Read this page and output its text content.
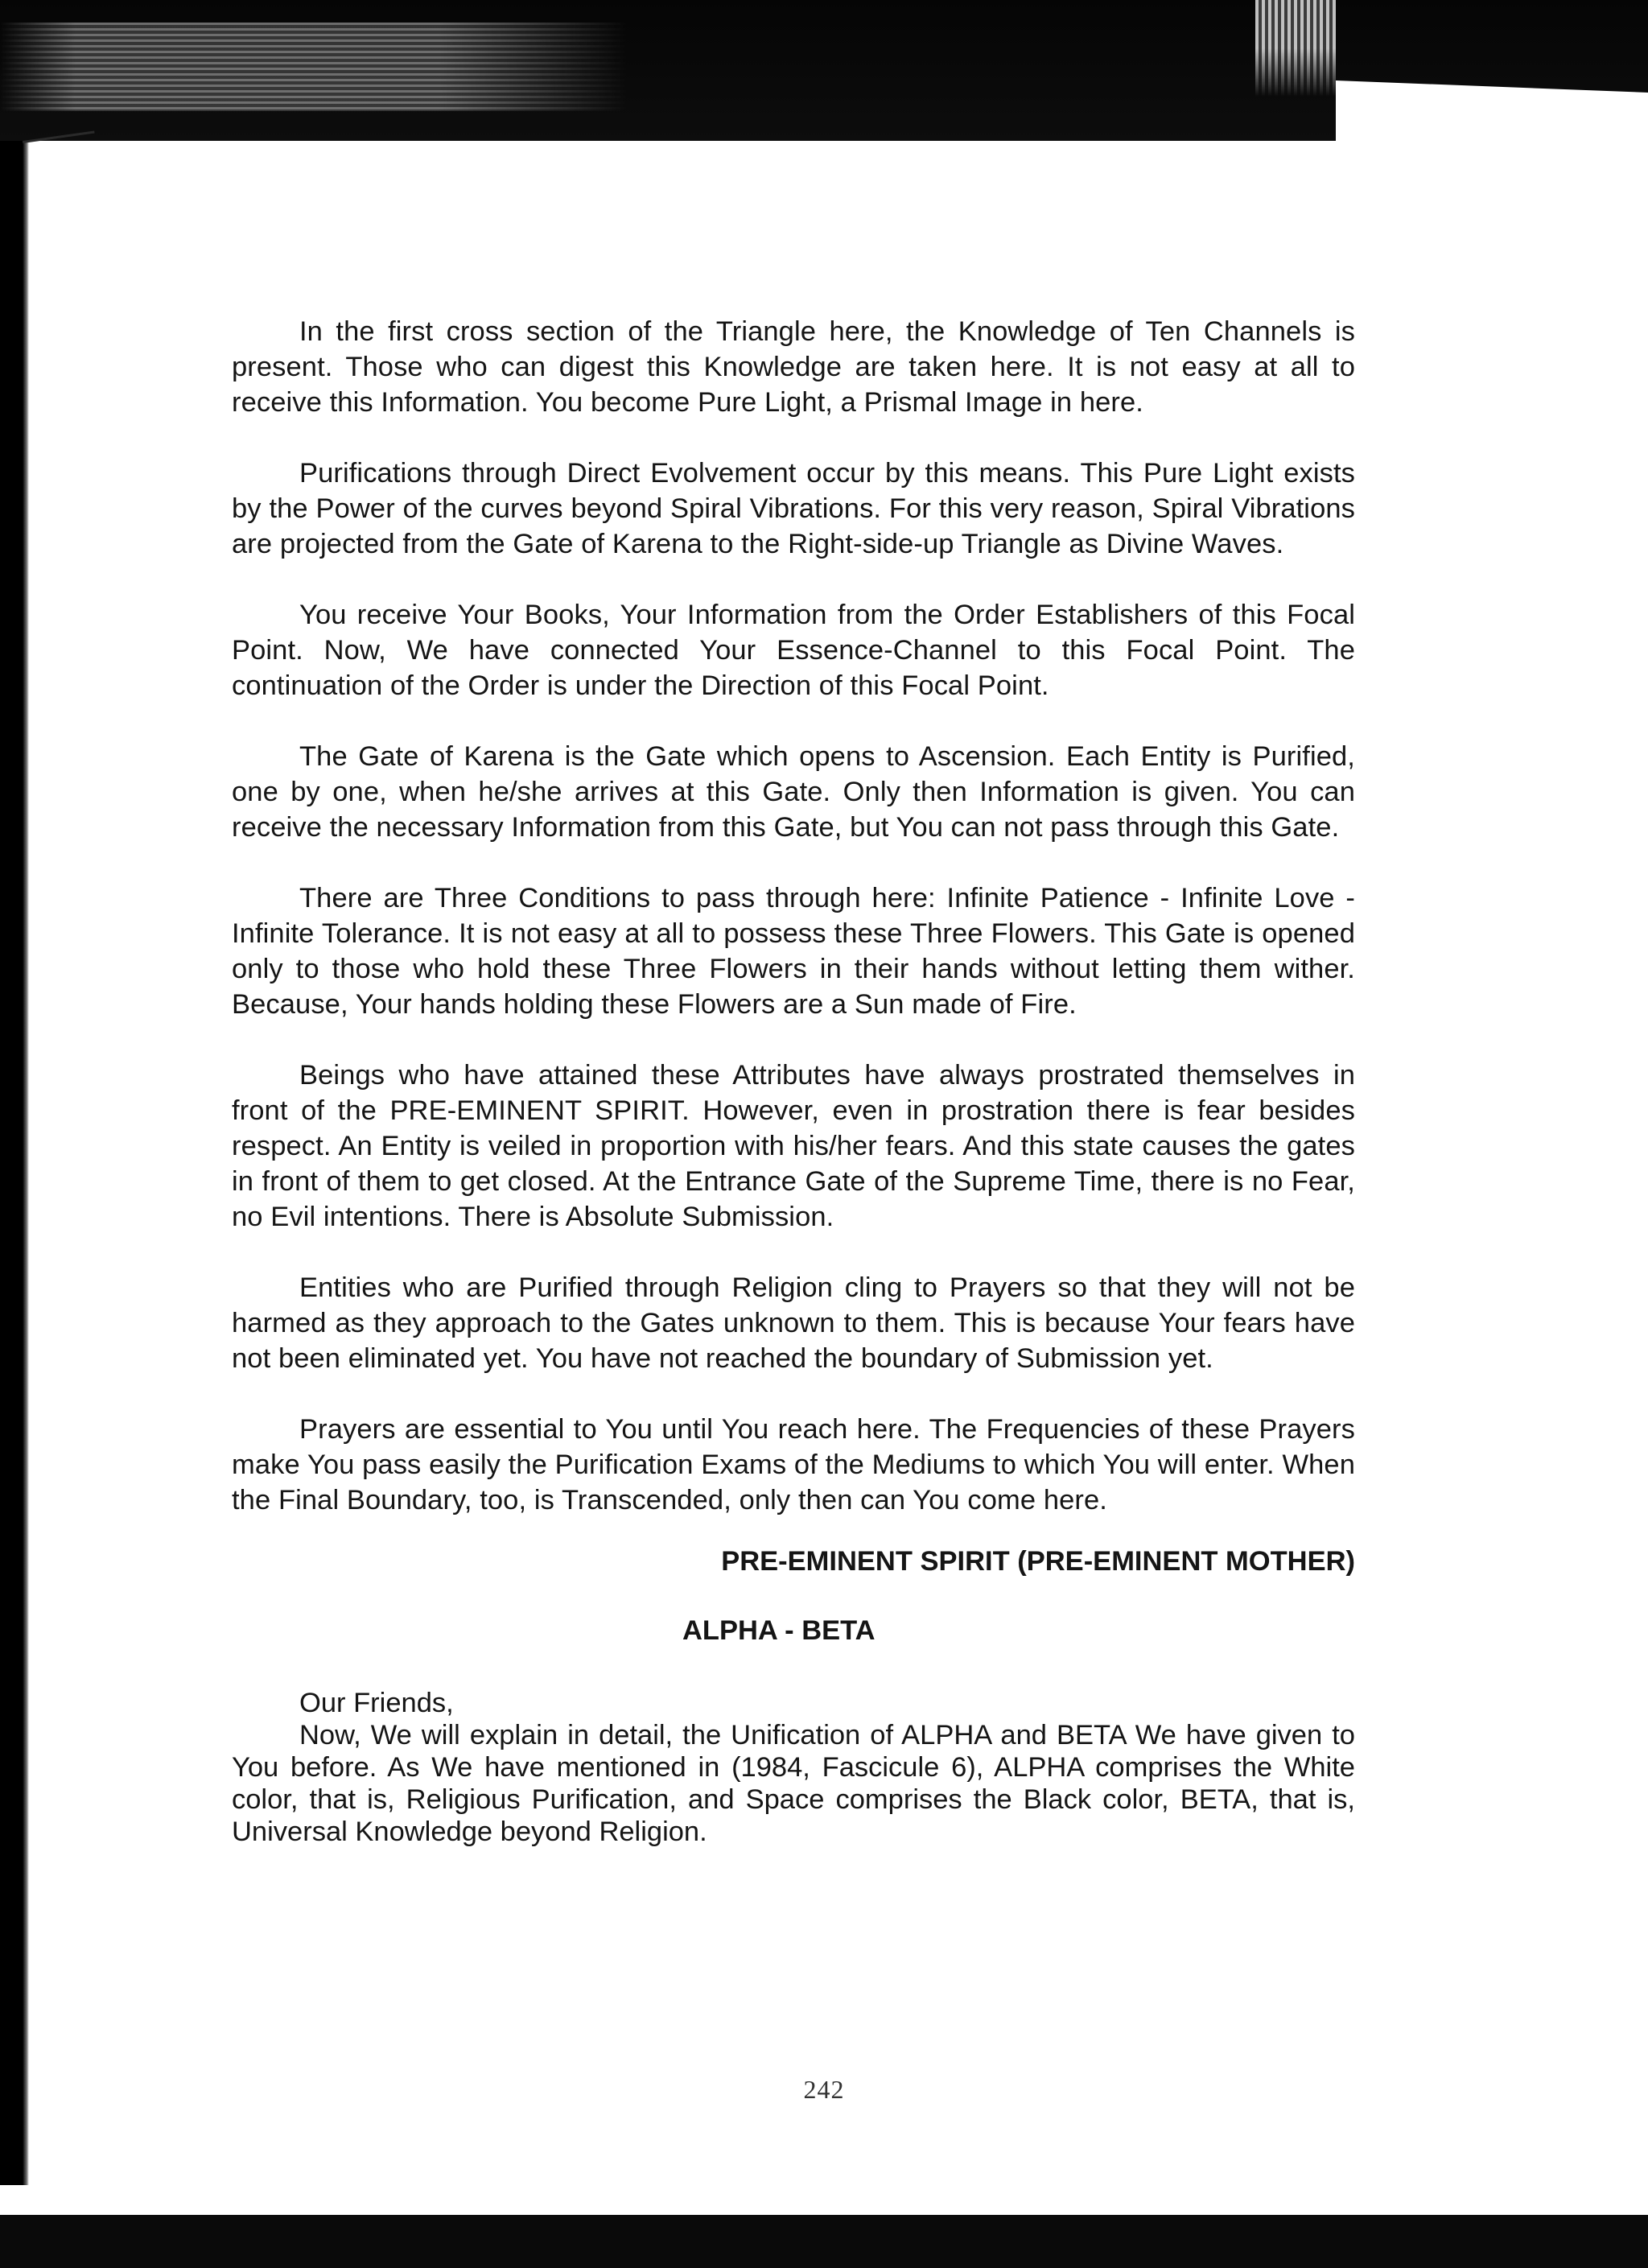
In the first cross section of the Triangle here, the Knowledge of Ten Channels is present. Those who can digest this Knowledge are taken here. It is not easy at all to receive this Information. You become Pure Light, a Prismal Image in here.

Purifications through Direct Evolvement occur by this means. This Pure Light exists by the Power of the curves beyond Spiral Vibrations. For this very reason, Spiral Vibrations are projected from the Gate of Karena to the Right-side-up Triangle as Divine Waves.

You receive Your Books, Your Information from the Order Establishers of this Focal Point. Now, We have connected Your Essence-Channel to this Focal Point. The continuation of the Order is under the Direction of this Focal Point.

The Gate of Karena is the Gate which opens to Ascension. Each Entity is Purified, one by one, when he/she arrives at this Gate. Only then Information is given. You can receive the necessary Information from this Gate, but You can not pass through this Gate.

There are Three Conditions to pass through here: Infinite Patience - Infinite Love - Infinite Tolerance. It is not easy at all to possess these Three Flowers. This Gate is opened only to those who hold these Three Flowers in their hands without letting them wither. Because, Your hands holding these Flowers are a Sun made of Fire.

Beings who have attained these Attributes have always prostrated themselves in front of the PRE-EMINENT SPIRIT. However, even in prostration there is fear besides respect. An Entity is veiled in proportion with his/her fears. And this state causes the gates in front of them to get closed. At the Entrance Gate of the Supreme Time, there is no Fear, no Evil intentions. There is Absolute Submission.

Entities who are Purified through Religion cling to Prayers so that they will not be harmed as they approach to the Gates unknown to them. This is because Your fears have not been eliminated yet. You have not reached the boundary of Submission yet.

Prayers are essential to You until You reach here. The Frequencies of these Prayers make You pass easily the Purification Exams of the Mediums to which You will enter. When the Final Boundary, too, is Transcended, only then can You come here.

PRE-EMINENT SPIRIT (PRE-EMINENT MOTHER)

ALPHA - BETA

Our Friends,

Now, We will explain in detail, the Unification of ALPHA and BETA We have given to You before. As We have mentioned in (1984, Fascicule 6), ALPHA comprises the White color, that is, Religious Purification, and Space comprises the Black color, BETA, that is, Universal Knowledge beyond Religion.

242
